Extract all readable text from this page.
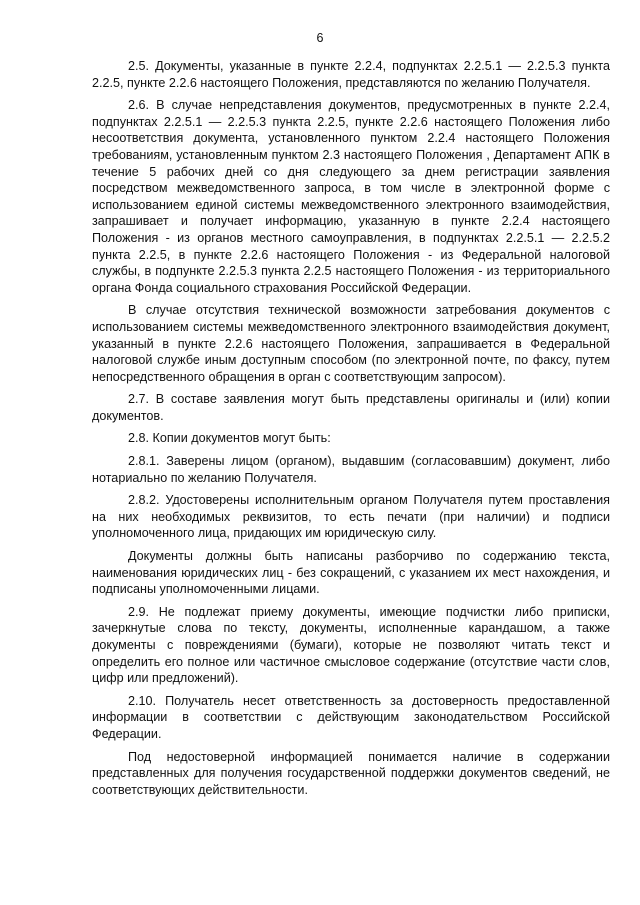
6

2.5. Документы, указанные в пункте 2.2.4, подпунктах 2.2.5.1 — 2.2.5.3 пункта 2.2.5, пункте 2.2.6 настоящего Положения, представляются по желанию Получателя.

2.6. В случае непредставления документов, предусмотренных в пункте 2.2.4, подпунктах 2.2.5.1 — 2.2.5.3 пункта 2.2.5, пункте 2.2.6 настоящего Положения либо несоответствия документа, установленного пунктом 2.2.4 настоящего Положения требованиям, установленным пунктом 2.3 настоящего Положения , Департамент АПК в течение 5 рабочих дней со дня следующего за днем регистрации заявления посредством межведомственного запроса, в том числе в электронной форме с использованием единой системы межведомственного электронного взаимодействия, запрашивает и получает информацию, указанную в пункте 2.2.4 настоящего Положения - из органов местного самоуправления, в подпунктах 2.2.5.1 — 2.2.5.2 пункта 2.2.5, в пункте 2.2.6 настоящего Положения - из Федеральной налоговой службы, в подпункте 2.2.5.3 пункта 2.2.5 настоящего Положения - из территориального органа Фонда социального страхования Российской Федерации.

В случае отсутствия технической возможности затребования документов с использованием системы межведомственного электронного взаимодействия документ, указанный в пункте 2.2.6 настоящего Положения, запрашивается в Федеральной налоговой службе иным доступным способом (по электронной почте, по факсу, путем непосредственного обращения в орган с соответствующим запросом).

2.7. В составе заявления могут быть представлены оригиналы и (или) копии документов.

2.8. Копии документов могут быть:

2.8.1. Заверены лицом (органом), выдавшим (согласовавшим) документ, либо нотариально по желанию Получателя.

2.8.2. Удостоверены исполнительным органом Получателя путем проставления на них необходимых реквизитов, то есть печати (при наличии) и подписи уполномоченного лица, придающих им юридическую силу.

Документы должны быть написаны разборчиво по содержанию текста, наименования юридических лиц - без сокращений, с указанием их мест нахождения, и подписаны уполномоченными лицами.

2.9. Не подлежат приему документы, имеющие подчистки либо приписки, зачеркнутые слова по тексту, документы, исполненные карандашом, а также документы с повреждениями (бумаги), которые не позволяют читать текст и определить его полное или частичное смысловое содержание (отсутствие части слов, цифр или предложений).

2.10. Получатель несет ответственность за достоверность предоставленной информации в соответствии с действующим законодательством Российской Федерации.

Под недостоверной информацией понимается наличие в содержании представленных для получения государственной поддержки документов сведений, не соответствующих действительности.
